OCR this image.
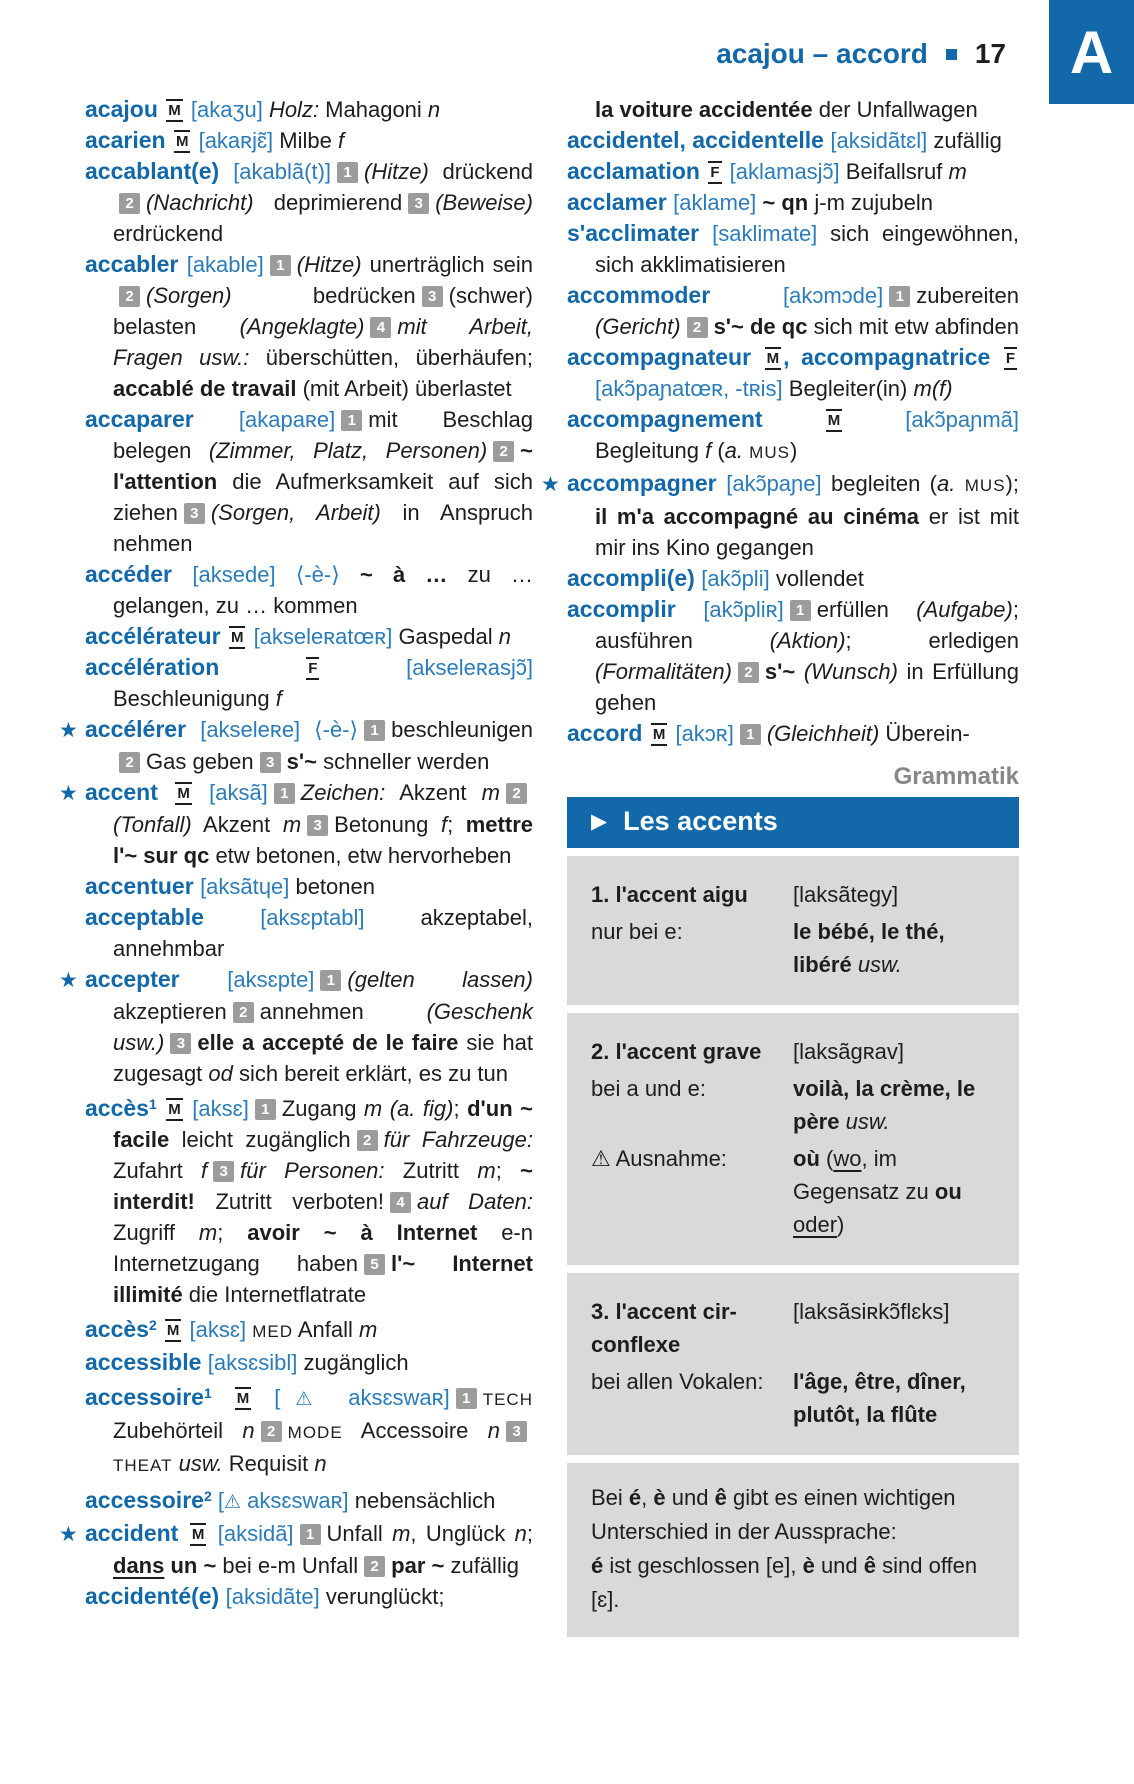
acajou – accord 17	A

acajou M [akaʒu] Holz: Mahagoni n

acarien M [akaʀjɛ̃] Milbe f

accablant(e) [akablã(t)] 1 (Hitze) drückend2 (Nachricht) deprimierend 3 (Beweise) erdrückend

accabler [akable] 1 (Hitze) unerträglich sein2 (Sorgen) bedrücken 3 (schwer) belasten (Angeklagte) 4 mit Arbeit, Fragen usw.: überschütten, überhäufen; accablé de travail (mit Arbeit) überlastet

accaparer [akapaʀe] 1 mit Beschlag belegen (Zimmer, Platz, Personen) 2 ~ l'attention die Aufmerksamkeit auf sich ziehen 3 (Sorgen, Arbeit) in Anspruch nehmen

accéder [aksede] ⟨-è-⟩ ~ à … zu … gelangen, zu … kommen

accélérateur M [akseleʀatœʀ] Gaspedal n

accélération F	[akseleʀasjɔ̃] Beschleunigung f

★ accélérer [akseleʀe] ⟨-è-⟩ 1 beschleunigen2 Gas geben 3 s'~ schneller werden

★ accent M [aksã] 1 Zeichen: Akzent m 2(Tonfall) Akzent m 3 Betonung f; mettre l'~ sur qc etw betonen, etw hervorheben

accentuer [aksãtɥe] betonen

acceptable [aksɛptabl] akzeptabel, annehmbar

★ accepter [aksɛpte] 1 (gelten lassen) akzeptieren 2 annehmen (Geschenk usw.) 3 elle a accepté de le faire sie hat zugesagt od sich bereit erklärt, es zu tun

accès$^1$ M [aksɛ] 1 Zugang m (a. fig); d'un ~ facile leicht zugänglich 2 für Fahrzeuge: Zufahrt f 3 für Personen: Zutritt m; ~ interdit! Zutritt verboten! 4 auf Daten: Zugriff m; avoir ~ à Internet e-n Internetzugang haben 5 l'~ Internet illimité die Internetflatrate

accès$^2$ M [aksɛ] MED Anfall m

accessible [aksɛsibl] zugänglich

accessoire$^1$ M [⚠ aksɛswaʀ] 1 TECH Zubehörteil n 2 MODE Accessoire n 3THEAT usw. Requisit n

accessoire$^2$ [⚠ aksɛswaʀ] nebensächlich

★ accident M [aksidã] 1 Unfall m, Unglück n; dans un ~ bei e-m Unfall 2 par ~ zufällig

accidenté(e) [aksidãte] verunglückt;

la voiture accidentée der Unfallwagen

accidentel, accidentelle [aksidãtɛl] zufällig

acclamation F [aklamasjɔ̃] Beifallsruf m

acclamer [aklame] ~ qn j-m zujubeln

s'acclimater [saklimate] sich eingewöhnen, sich akklimatisieren

accommoder [akɔmɔde] 1 zubereiten (Gericht) 2 s'~ de qc sich mit etw abfinden

accompagnateur M , accompagnatrice F [akɔ̃paɲatœʀ, -tʀis] Begleiter(in) m(f)

accompagnement M	[akɔ̃paɲmã] Begleitung f (a. MUS)

★ accompagner [akɔ̃paɲe] begleiten (a. MUS); il m'a accompagné au cinéma er ist mit mir ins Kino gegangen

accompli(e) [akɔ̃pli] vollendet

accomplir [akɔ̃pliʀ] 1 erfüllen (Aufgabe); ausführen (Aktion); erledigen (Formalitäten) 2 s'~ (Wunsch) in Erfüllung gehen

accord M [akɔʀ] 1 (Gleichheit) Überein-

Grammatik
▶ Les accents
1. l'accent aigu	[laksãtegy]
nur bei e:	le bébé, le thé, libéré usw.
2. l'accent grave	[laksãgʀav]
bei a und e:	voilà, la crème, le père usw.
⚠ Ausnahme:	où (wo, im Gegensatz zu ou oder)
3. l'accent cir-
conflexe
[laksãsiʀkɔ̃flɛks]
bei allen Vokalen:	l'âge, être, dîner, plutôt, la flûte
Bei é, è und ê gibt es einen wichtigen Unterschied in der Aussprache:
é ist geschlossen [e], è und ê sind offen [ɛ].
